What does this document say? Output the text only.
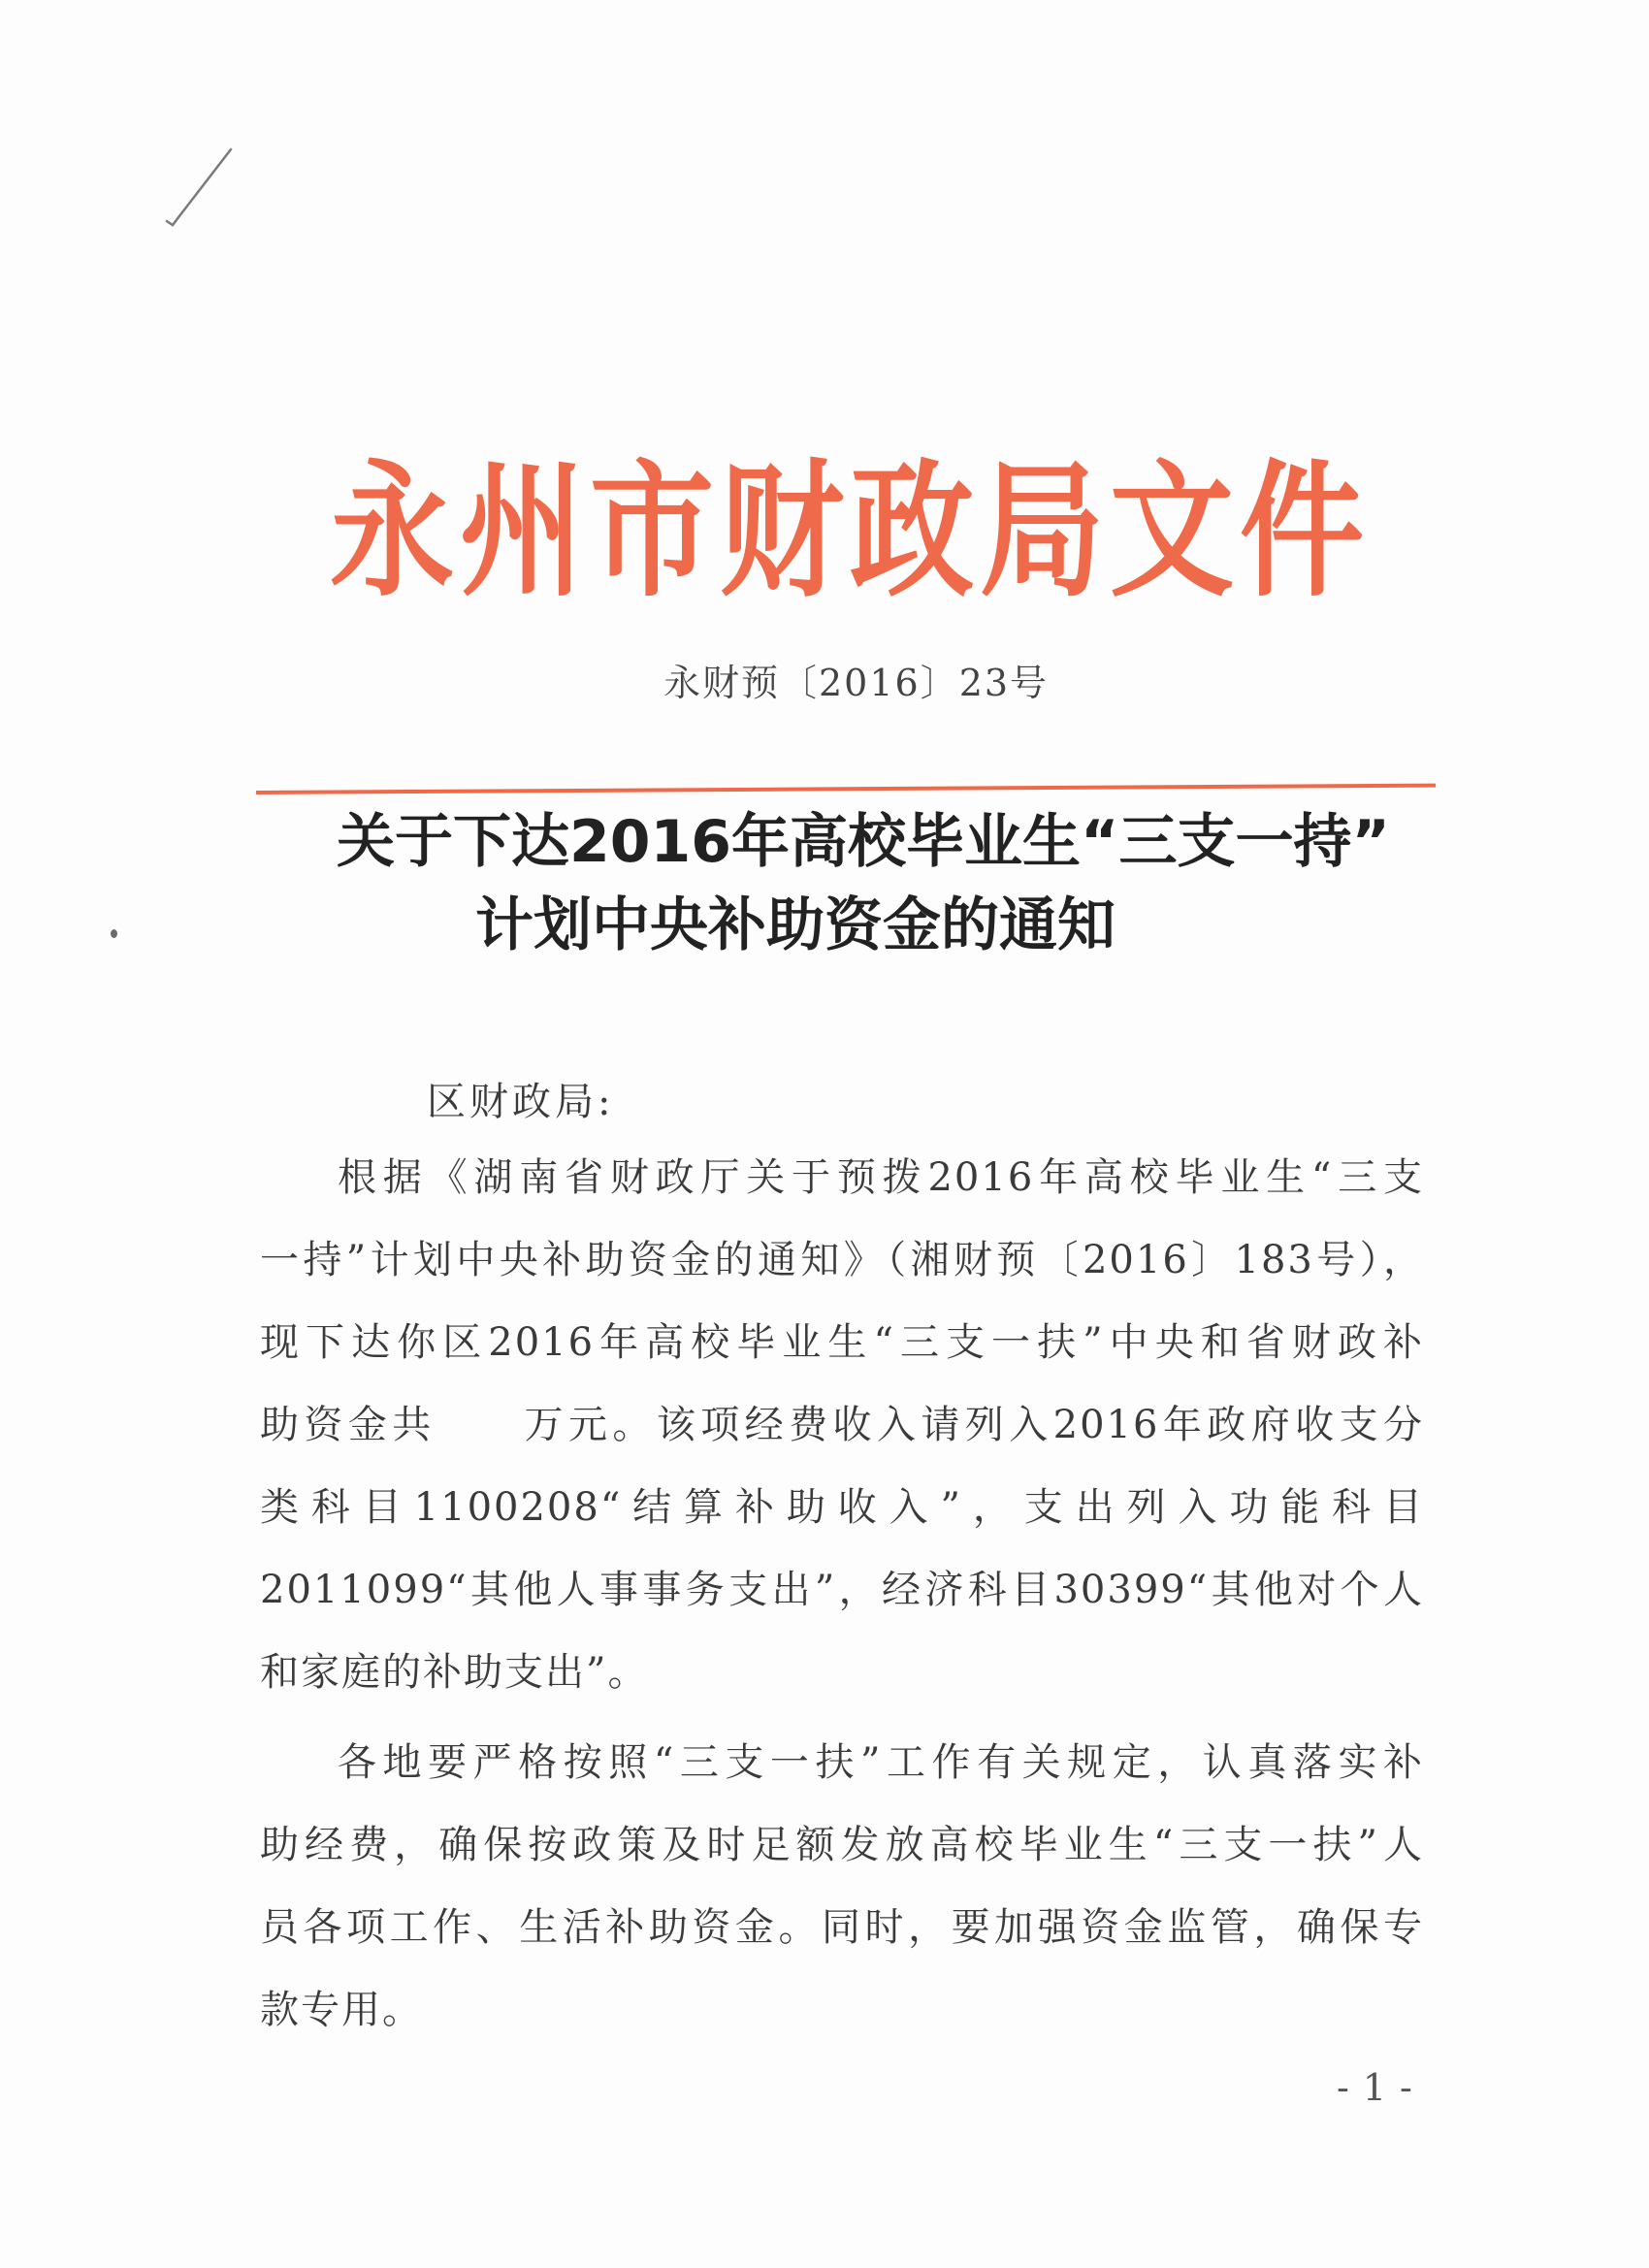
永州市财政局文件
永财预〔2016〕23号
关于下达2016年高校毕业生“三支一持”
计划中央补助资金的通知
区财政局:
根据《湖南省财政厅关于预拨2016年高校毕业生“三支
一持”计划中央补助资金的通知》（湘财预〔2016〕183号），
现下达你区2016年高校毕业生“三支一扶”中央和省财政补
助资金共　　万元。该项经费收入请列入2016年政府收支分
类科目1100208“结算补助收入”，支出列入功能科目
2011099“其他人事事务支出”，经济科目30399“其他对个人
和家庭的补助支出”。
各地要严格按照“三支一扶”工作有关规定，认真落实补
助经费，确保按政策及时足额发放高校毕业生“三支一扶”人
员各项工作、生活补助资金。同时，要加强资金监管，确保专
款专用。
-1-
